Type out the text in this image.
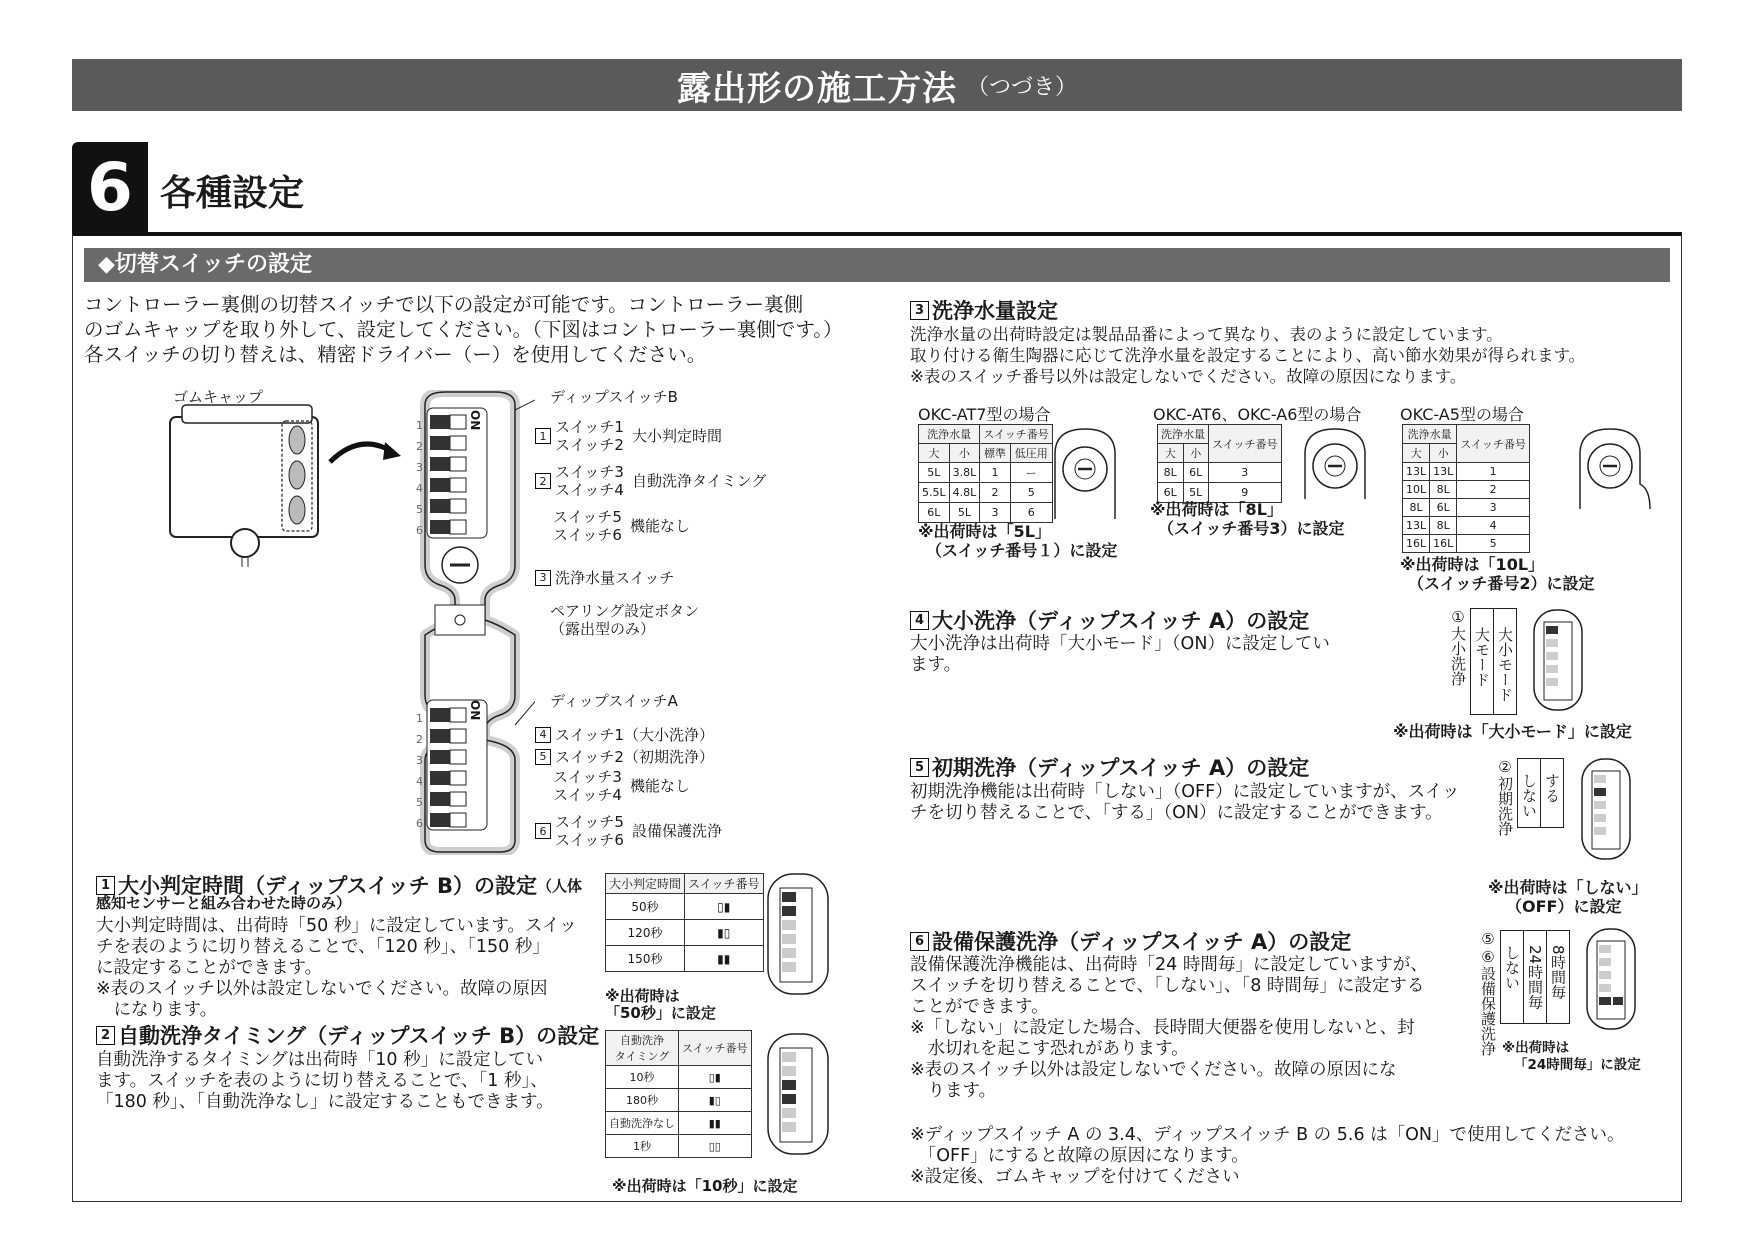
露出形の施工方法 （つづき）
6 各種設定
◆切替スイッチの設定
コントローラー裏側の切替スイッチで以下の設定が可能です。コントローラー裏側
のゴムキャップを取り外して、設定してください。（下図はコントローラー裏側です。）
各スイッチの切り替えは、精密ドライバー（ー）を使用してください。
ゴムキャップ
ON
ON
1
2
3
4
5
6
1
2
3
4
5
6
ディップスイッチB
1 スイッチ1
スイッチ2 大小判定時間
2 スイッチ3
スイッチ4 自動洗浄タイミング
スイッチ5
スイッチ6 機能なし
3 洗浄水量スイッチ
ペアリング設定ボタン
（露出型のみ）
ディップスイッチA
4 スイッチ1（大小洗浄）
5 スイッチ2（初期洗浄）
スイッチ3
スイッチ4 機能なし
6 スイッチ5
スイッチ6 設備保護洗浄
1 大小判定時間（ディップスイッチ B）の設定 （人体
感知センサーと組み合わせた時のみ）
大小判定時間は、出荷時「50 秒」に設定しています。スイッ
チを表のように切り替えることで、「120 秒」、「150 秒」
に設定することができます。
※表のスイッチ以外は設定しないでください。故障の原因
　になります。
大小判定時間	スイッチ番号
50秒	▯▮
120秒	▮▯
150秒	▮▮
※出荷時は
「50秒」に設定
2 自動洗浄タイミング（ディップスイッチ B）の設定
自動洗浄するタイミングは出荷時「10 秒」に設定してい
ます。スイッチを表のように切り替えることで、「1 秒」、
「180 秒」、「自動洗浄なし」に設定することもできます。
自動洗浄
タイミング	スイッチ番号
10秒	▯▮
180秒	▮▯
自動洗浄なし	▮▮
1秒	▯▯
※出荷時は「10秒」に設定
3 洗浄水量設定
洗浄水量の出荷時設定は製品品番によって異なり、表のように設定しています。
取り付ける衛生陶器に応じて洗浄水量を設定することにより、高い節水効果が得られます。
※表のスイッチ番号以外は設定しないでください。故障の原因になります。
OKC-AT7型の場合
洗浄水量		スイッチ番号	
大	小	標準	低圧用
5L	3.8L	1	ー
5.5L	4.8L	2	5
6L	5L	3	6
※出荷時は「5L」
　（スイッチ番号１）に設定
OKC-AT6、OKC-A6型の場合
洗浄水量		スイッチ番号
大	小	
8L	6L	3
6L	5L	9
※出荷時は「8L」
　（スイッチ番号3）に設定
OKC-A5型の場合
洗浄水量		スイッチ番号
大	小	
13L	13L	1
10L	8L	2
8L	6L	3
13L	8L	4
16L	16L	5
※出荷時は「10L」
　（スイッチ番号2）に設定
4 大小洗浄（ディップスイッチ A）の設定
大小洗浄は出荷時「大小モード」（ON）に設定してい
ます。
①大小洗浄 大モード 大小モード
※出荷時は「大小モード」に設定
5 初期洗浄（ディップスイッチ A）の設定
初期洗浄機能は出荷時「しない」（OFF）に設定していますが、スイッ
チを切り替えることで、「する」（ON）に設定することができます。
②初期洗浄 しない する
※出荷時は「しない」
（OFF）に設定
6 設備保護洗浄（ディップスイッチ A）の設定
設備保護洗浄機能は、出荷時「24 時間毎」に設定していますが、
スイッチを切り替えることで、「しない」、「8 時間毎」に設定する
ことができます。
※「しない」に設定した場合、長時間大便器を使用しないと、封
　水切れを起こす恐れがあります。
※表のスイッチ以外は設定しないでください。故障の原因にな
　ります。
⑤⑥設備保護洗浄 しない 24時間毎 8時間毎
※出荷時は
「24時間毎」に設定
※ディップスイッチ A の 3.4、ディップスイッチ B の 5.6 は「ON」で使用してください。
　「OFF」にすると故障の原因になります。
※設定後、ゴムキャップを付けてください
